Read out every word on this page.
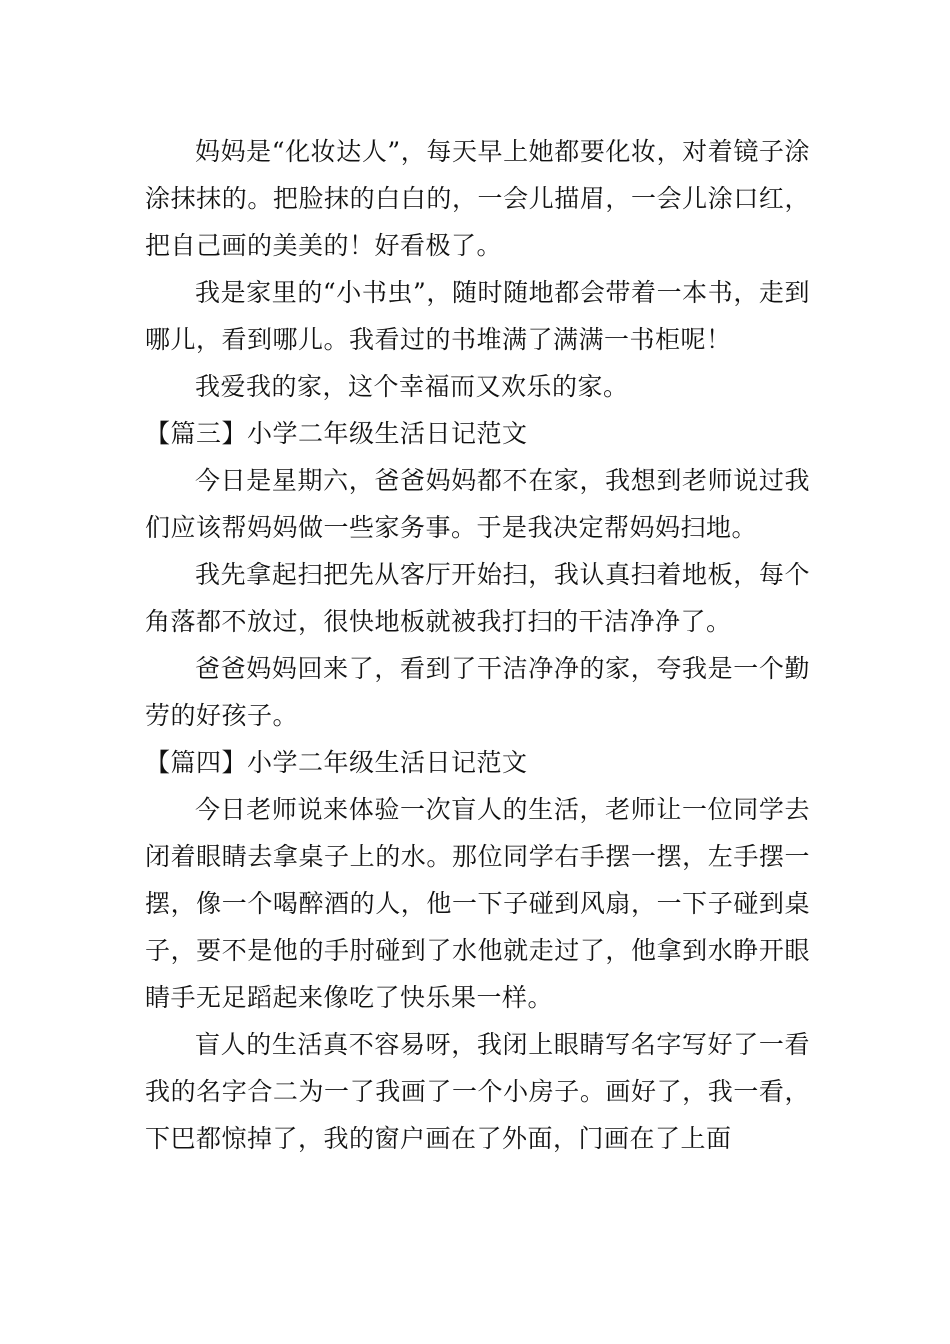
妈妈是“化妆达人”，每天早上她都要化妆，对着镜子涂涂抹抹的。把脸抹的白白的，一会儿描眉，一会儿涂口红，把自己画的美美的！好看极了。

我是家里的“小书虫”，随时随地都会带着一本书，走到哪儿，看到哪儿。我看过的书堆满了满满一书柜呢！

我爱我的家，这个幸福而又欢乐的家。

【篇三】小学二年级生活日记范文

今日是星期六，爸爸妈妈都不在家，我想到老师说过我们应该帮妈妈做一些家务事。于是我决定帮妈妈扫地。

我先拿起扫把先从客厅开始扫，我认真扫着地板，每个角落都不放过，很快地板就被我打扫的干洁净净了。

爸爸妈妈回来了，看到了干洁净净的家，夸我是一个勤劳的好孩子。

【篇四】小学二年级生活日记范文

今日老师说来体验一次盲人的生活，老师让一位同学去闭着眼睛去拿桌子上的水。那位同学右手摆一摆，左手摆一摆，像一个喝醉酒的人，他一下子碰到风扇，一下子碰到桌子，要不是他的手肘碰到了水他就走过了，他拿到水睁开眼睛手无足蹈起来像吃了快乐果一样。

盲人的生活真不容易呀，我闭上眼睛写名字写好了一看我的名字合二为一了我画了一个小房子。画好了，我一看，下巴都惊掉了，我的窗户画在了外面，门画在了上面
